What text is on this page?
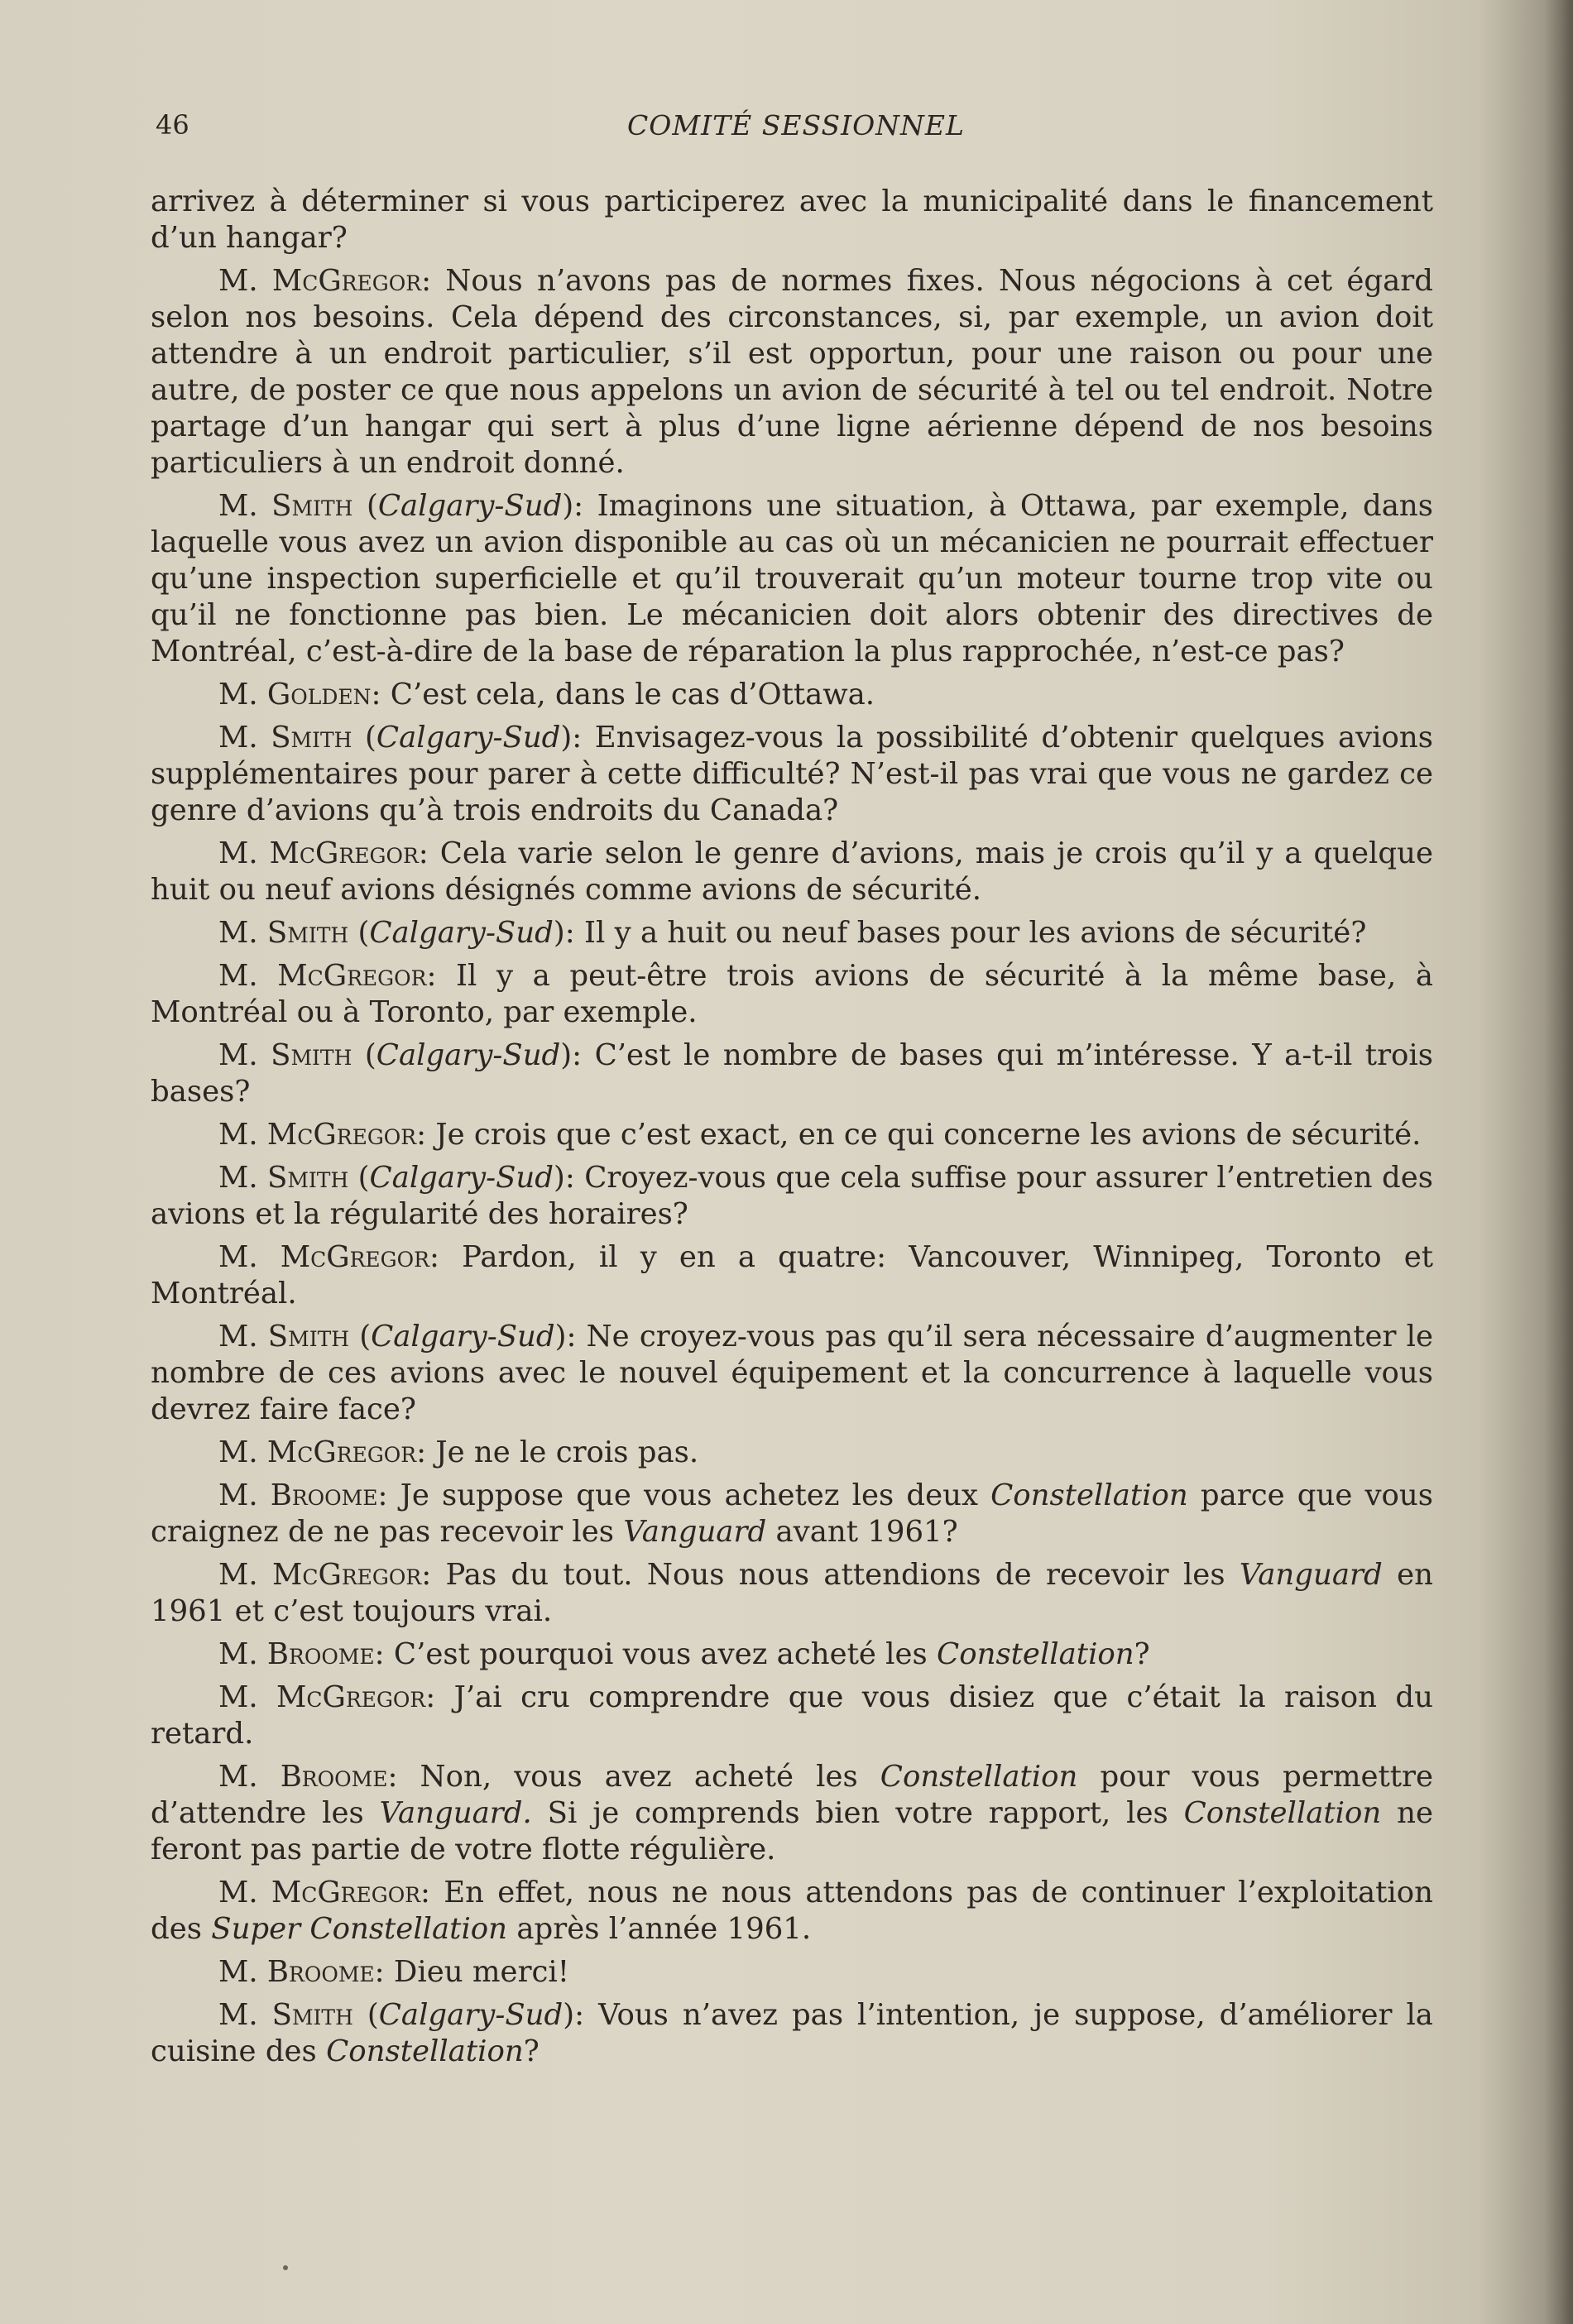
46	COMITÉ SESSIONNEL

arrivez à déterminer si vous participerez avec la municipalité dans le financement d’un hangar?

M. McGregor: Nous n’avons pas de normes fixes. Nous négocions à cet égard selon nos besoins. Cela dépend des circonstances, si, par exemple, un avion doit attendre à un endroit particulier, s’il est opportun, pour une raison ou pour une autre, de poster ce que nous appelons un avion de sécurité à tel ou tel endroit. Notre partage d’un hangar qui sert à plus d’une ligne aérienne dépend de nos besoins particuliers à un endroit donné.

M. Smith (Calgary-Sud): Imaginons une situation, à Ottawa, par exemple, dans laquelle vous avez un avion disponible au cas où un mécanicien ne pourrait effectuer qu’une inspection superficielle et qu’il trouverait qu’un moteur tourne trop vite ou qu’il ne fonctionne pas bien. Le mécanicien doit alors obtenir des directives de Montréal, c’est-à-dire de la base de réparation la plus rapprochée, n’est-ce pas?

M. Golden: C’est cela, dans le cas d’Ottawa.

M. Smith (Calgary-Sud): Envisagez-vous la possibilité d’obtenir quelques avions supplémentaires pour parer à cette difficulté? N’est-il pas vrai que vous ne gardez ce genre d’avions qu’à trois endroits du Canada?

M. McGregor: Cela varie selon le genre d’avions, mais je crois qu’il y a quelque huit ou neuf avions désignés comme avions de sécurité.

M. Smith (Calgary-Sud): Il y a huit ou neuf bases pour les avions de sécurité?

M. McGregor: Il y a peut-être trois avions de sécurité à la même base, à Montréal ou à Toronto, par exemple.

M. Smith (Calgary-Sud): C’est le nombre de bases qui m’intéresse. Y a-t-il trois bases?

M. McGregor: Je crois que c’est exact, en ce qui concerne les avions de sécurité.

M. Smith (Calgary-Sud): Croyez-vous que cela suffise pour assurer l’entretien des avions et la régularité des horaires?

M. McGregor: Pardon, il y en a quatre: Vancouver, Winnipeg, Toronto et Montréal.

M. Smith (Calgary-Sud): Ne croyez-vous pas qu’il sera nécessaire d’augmenter le nombre de ces avions avec le nouvel équipement et la concurrence à laquelle vous devrez faire face?

M. McGregor: Je ne le crois pas.

M. Broome: Je suppose que vous achetez les deux Constellation parce que vous craignez de ne pas recevoir les Vanguard avant 1961?

M. McGregor: Pas du tout. Nous nous attendions de recevoir les Vanguard en 1961 et c’est toujours vrai.

M. Broome: C’est pourquoi vous avez acheté les Constellation?

M. McGregor: J’ai cru comprendre que vous disiez que c’était la raison du retard.

M. Broome: Non, vous avez acheté les Constellation pour vous permettre d’attendre les Vanguard. Si je comprends bien votre rapport, les Constellation ne feront pas partie de votre flotte régulière.

M. McGregor: En effet, nous ne nous attendons pas de continuer l’exploitation des Super Constellation après l’année 1961.

M. Broome: Dieu merci!

M. Smith (Calgary-Sud): Vous n’avez pas l’intention, je suppose, d’améliorer la cuisine des Constellation?
